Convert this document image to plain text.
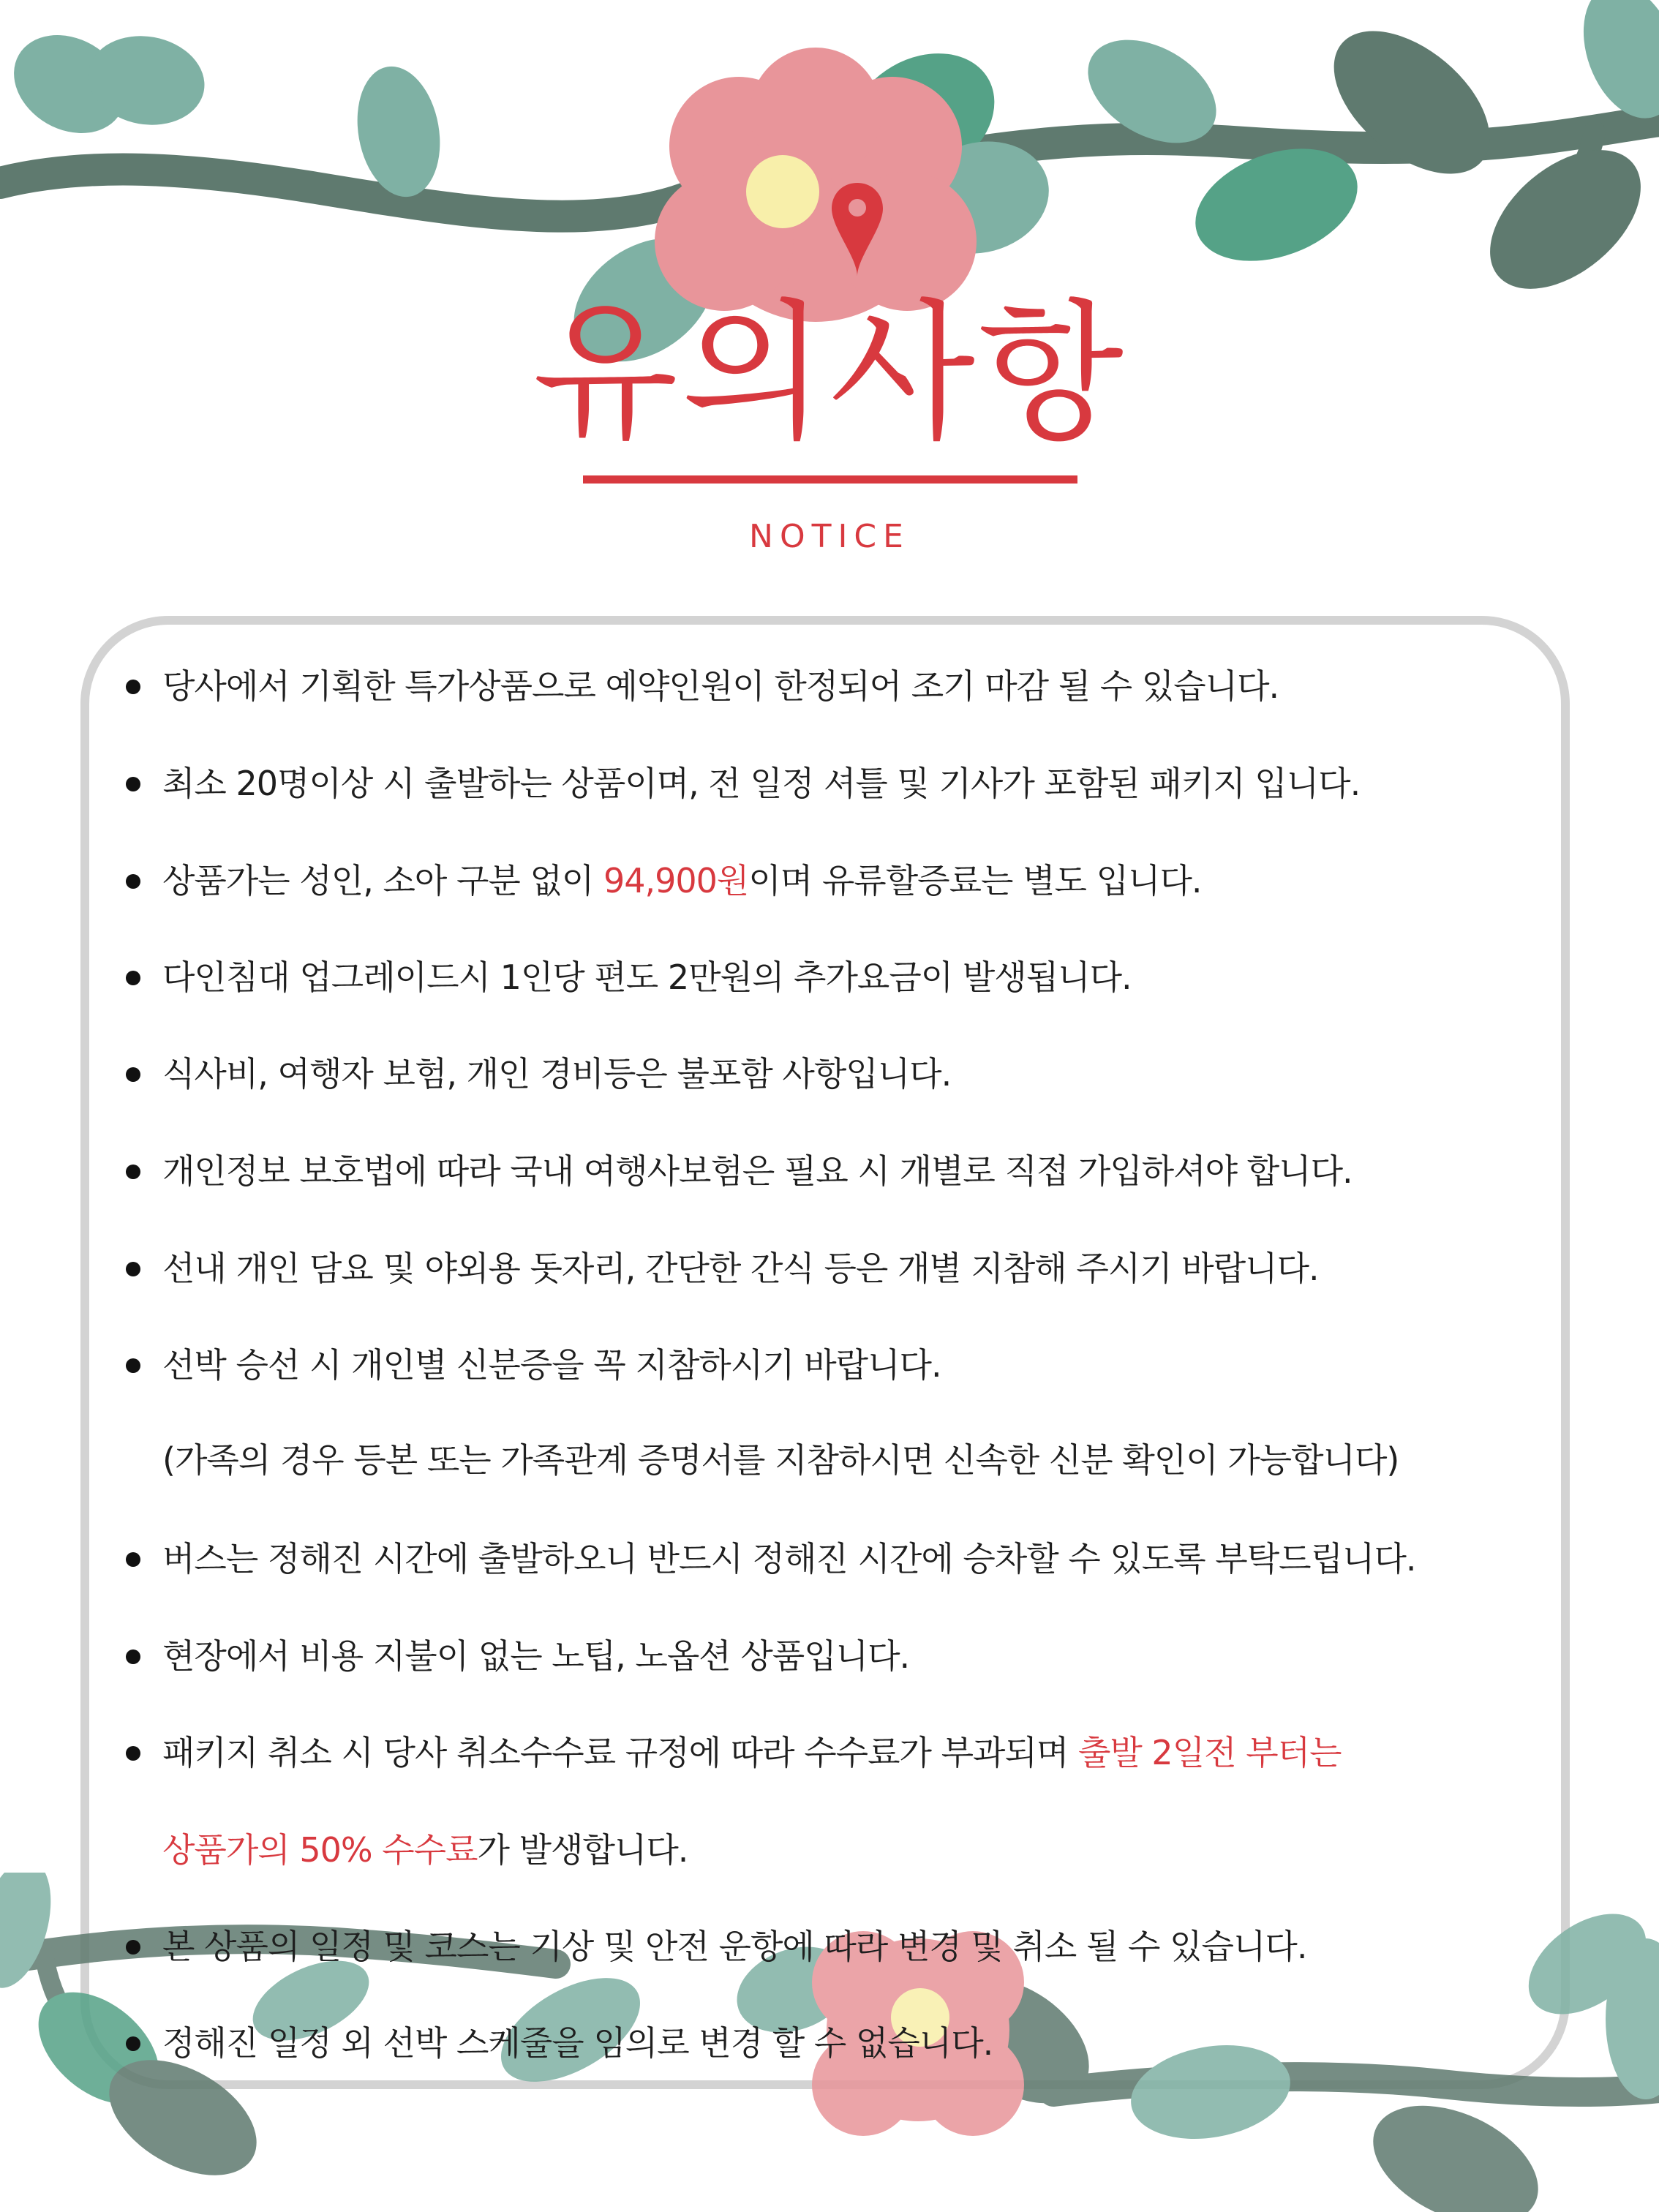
유의사항
NOTICE
당사에서 기획한 특가상품으로 예약인원이 한정되어 조기 마감 될 수 있습니다.
최소 20명이상 시 출발하는 상품이며, 전 일정 셔틀 및 기사가 포함된 패키지 입니다.
상품가는 성인, 소아 구분 없이 94,900원이며 유류할증료는 별도 입니다.
다인침대 업그레이드시 1인당 편도 2만원의 추가요금이 발생됩니다.
식사비, 여행자 보험, 개인 경비등은 불포함 사항입니다.
개인정보 보호법에 따라 국내 여행사보험은 필요 시 개별로 직접 가입하셔야 합니다.
선내 개인 담요 및 야외용 돗자리, 간단한 간식 등은 개별 지참해 주시기 바랍니다.
선박 승선 시 개인별 신분증을 꼭 지참하시기 바랍니다.
(가족의 경우 등본 또는 가족관계 증명서를 지참하시면 신속한 신분 확인이 가능합니다)
버스는 정해진 시간에 출발하오니 반드시 정해진 시간에 승차할 수 있도록 부탁드립니다.
현장에서 비용 지불이 없는 노팁, 노옵션 상품입니다.
패키지 취소 시 당사 취소수수료 규정에 따라 수수료가 부과되며 출발 2일전 부터는
상품가의 50% 수수료가 발생합니다.
본 상품의 일정 및 코스는 기상 및 안전 운항에 따라 변경 및 취소 될 수 있습니다.
정해진 일정 외 선박 스케줄을 임의로 변경 할 수 없습니다.
